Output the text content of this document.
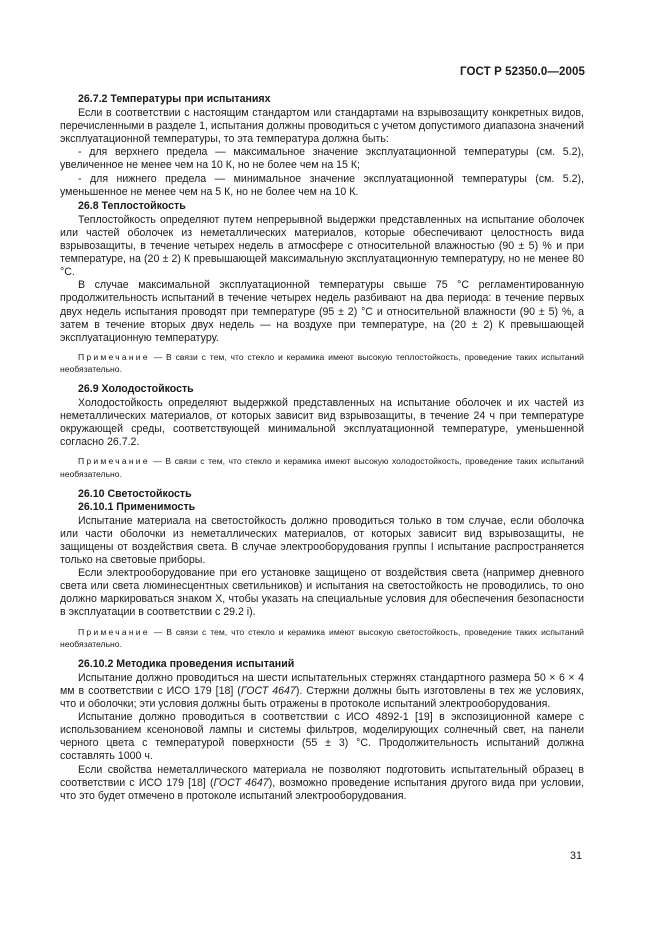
ГОСТ Р 52350.0—2005
26.7.2 Температуры при испытаниях

Если в соответствии с настоящим стандартом или стандартами на взрывозащиту конкретных видов, перечисленными в разделе 1, испытания должны проводиться с учетом допустимого диапазона значений эксплуатационной температуры, то эта температура должна быть:

- для верхнего предела — максимальное значение эксплуатационной температуры (см. 5.2), увеличенное не менее чем на 10 К, но не более чем на 15 К;

- для нижнего предела — минимальное значение эксплуатационной температуры (см. 5.2), уменьшенное не менее чем на 5 К, но не более чем на 10 К.

26.8 Теплостойкость

Теплостойкость определяют путем непрерывной выдержки представленных на испытание оболочек или частей оболочек из неметаллических материалов, которые обеспечивают целостность вида взрывозащиты, в течение четырех недель в атмосфере с относительной влажностью (90 ± 5) % и при температуре, на (20 ± 2) К превышающей максимальную эксплуатационную температуру, но не менее 80 °С.

В случае максимальной эксплуатационной температуры свыше 75 °С регламентированную продолжительность испытаний в течение четырех недель разбивают на два периода: в течение первых двух недель испытания проводят при температуре (95 ± 2) °С и относительной влажности (90 ± 5) %, а затем в течение вторых двух недель — на воздухе при температуре, на (20 ± 2) К превышающей эксплуатационную температуру.

Примечание — В связи с тем, что стекло и керамика имеют высокую теплостойкость, проведение таких испытаний необязательно.

26.9 Холодостойкость

Холодостойкость определяют выдержкой представленных на испытание оболочек и их частей из неметаллических материалов, от которых зависит вид взрывозащиты, в течение 24 ч при температуре окружающей среды, соответствующей минимальной эксплуатационной температуре, уменьшенной согласно 26.7.2.

Примечание — В связи с тем, что стекло и керамика имеют высокую холодостойкость, проведение таких испытаний необязательно.

26.10 Светостойкость
26.10.1 Применимость

Испытание материала на светостойкость должно проводиться только в том случае, если оболочка или части оболочки из неметаллических материалов, от которых зависит вид взрывозащиты, не защищены от воздействия света. В случае электрооборудования группы I испытание распространяется только на световые приборы.

Если электрооборудование при его установке защищено от воздействия света (например дневного света или света люминесцентных светильников) и испытания на светостойкость не проводились, то оно должно маркироваться знаком Х, чтобы указать на специальные условия для обеспечения безопасности в эксплуатации в соответствии с 29.2 i).

Примечание — В связи с тем, что стекло и керамика имеют высокую светостойкость, проведение таких испытаний необязательно.

26.10.2 Методика проведения испытаний

Испытание должно проводиться на шести испытательных стержнях стандартного размера 50 × 6 × 4 мм в соответствии с ИСО 179 [18] (ГОСТ 4647). Стержни должны быть изготовлены в тех же условиях, что и оболочки; эти условия должны быть отражены в протоколе испытаний электрооборудования.

Испытание должно проводиться в соответствии с ИСО 4892-1 [19] в экспозиционной камере с использованием ксеноновой лампы и системы фильтров, моделирующих солнечный свет, на панели черного цвета с температурой поверхности (55 ± 3) °С. Продолжительность испытаний должна составлять 1000 ч.

Если свойства неметаллического материала не позволяют подготовить испытательный образец в соответствии с ИСО 179 [18] (ГОСТ 4647), возможно проведение испытания другого вида при условии, что это будет отмечено в протоколе испытаний электрооборудования.

31
